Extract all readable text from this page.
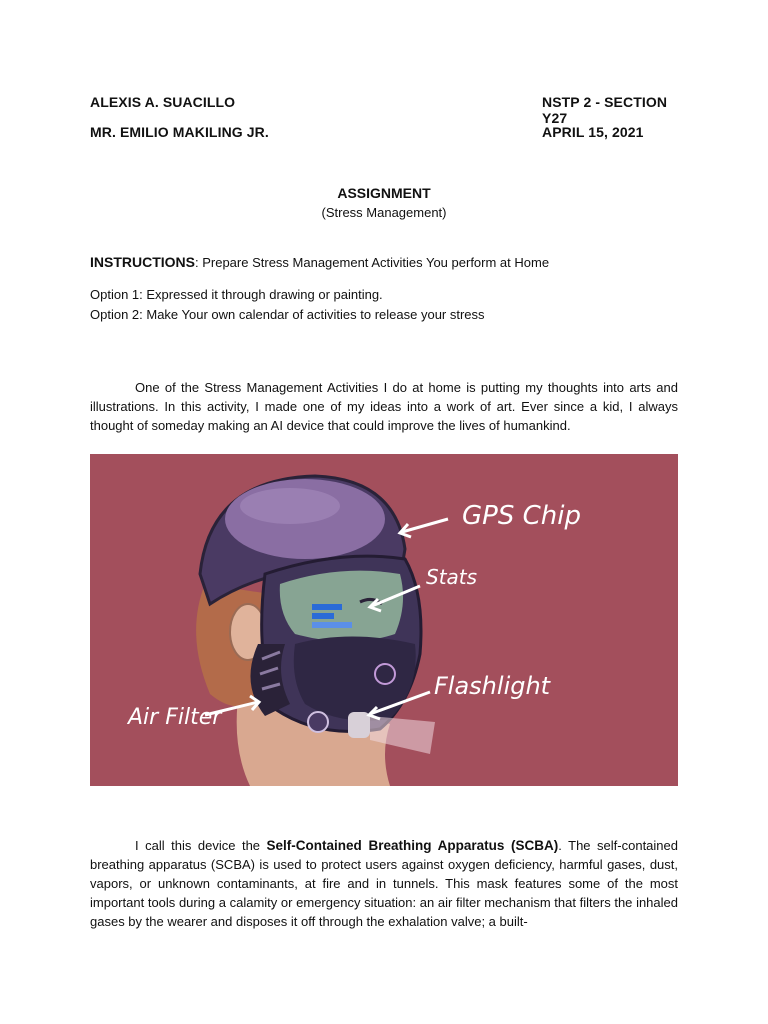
ALEXIS A. SUACILLO	NSTP 2 - SECTION Y27
MR. EMILIO MAKILING JR.	APRIL 15, 2021
ASSIGNMENT
(Stress Management)
INSTRUCTIONS: Prepare Stress Management Activities You perform at Home
Option 1: Expressed it through drawing or painting.
Option 2: Make Your own calendar of activities to release your stress
One of the Stress Management Activities I do at home is putting my thoughts into arts and illustrations. In this activity, I made one of my ideas into a work of art. Ever since a kid, I always thought of someday making an AI device that could improve the lives of humankind.
GPS Chip
Stats
Flashlight
Air Filter
I call this device the Self-Contained Breathing Apparatus (SCBA). The self-contained breathing apparatus (SCBA) is used to protect users against oxygen deficiency, harmful gases, dust, vapors, or unknown contaminants, at fire and in tunnels. This mask features some of the most important tools during a calamity or emergency situation: an air filter mechanism that filters the inhaled gases by the wearer and disposes it off through the exhalation valve; a built-
